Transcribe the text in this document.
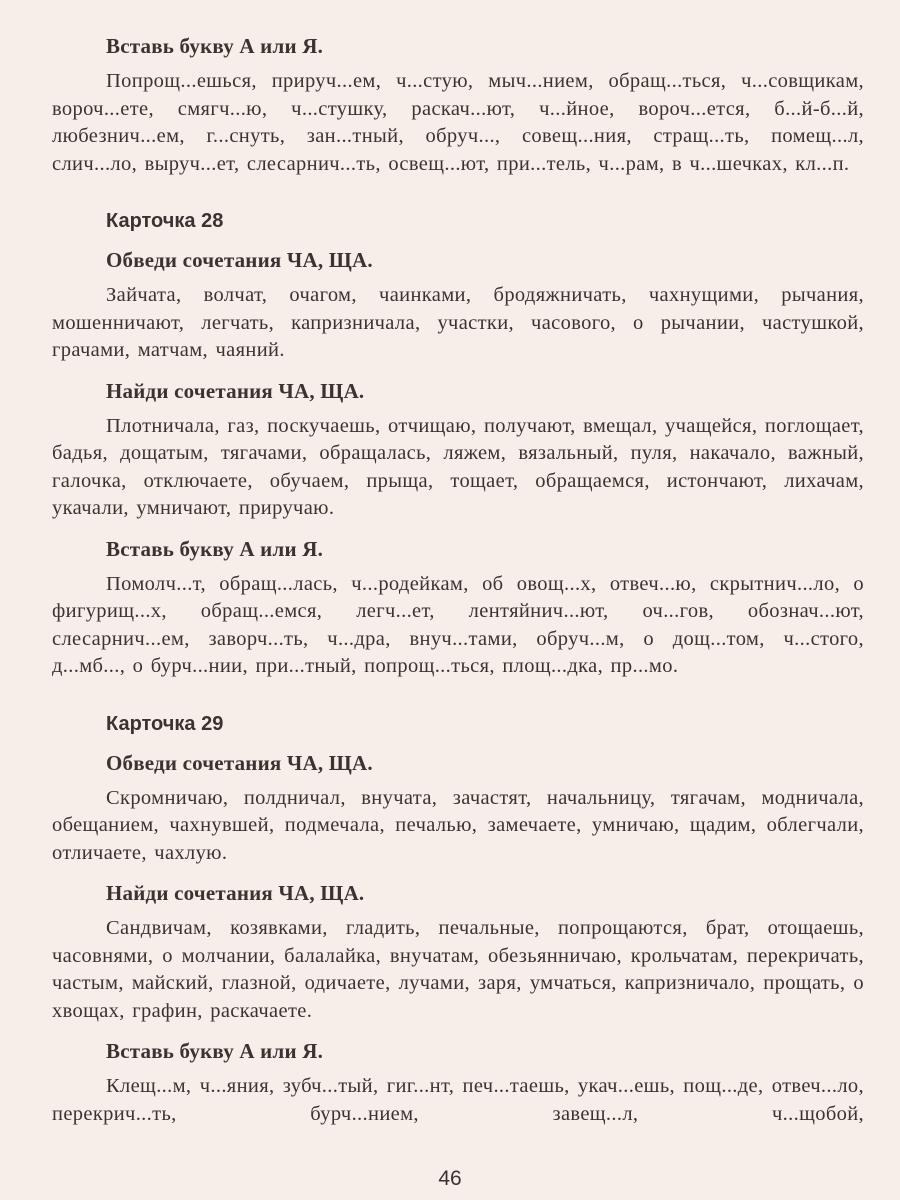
Вставь букву А или Я.

Попрощ...ешься, прируч...ем, ч...стую, мыч...нием, обращ...ться, ч...совщикам, вороч...ете, смягч...ю, ч...стушку, раскач...ют, ч...йное, вороч...ется, б...й-б...й, любезнич...ем, г...снуть, зан...тный, обруч..., совещ...ния, стращ...ть, помещ...л, слич...ло, выруч...ет, слесарнич...ть, освещ...ют, при...тель, ч...рам, в ч...шечках, кл...п.

Карточка 28
Обведи сочетания ЧА, ЩА.

Зайчата, волчат, очагом, чаинками, бродяжничать, чахнущими, рычания, мошенничают, легчать, капризничала, участки, часового, о рычании, частушкой, грачами, матчам, чаяний.

Найди сочетания ЧА, ЩА.

Плотничала, газ, поскучаешь, отчищаю, получают, вмещал, учащейся, поглощает, бадья, дощатым, тягачами, обращалась, ляжем, вязальный, пуля, накачало, важный, галочка, отключаете, обучаем, прыща, тощает, обращаемся, истончают, лихачам, укачали, умничают, приручаю.

Вставь букву А или Я.

Помолч...т, обращ...лась, ч...родейкам, об овощ...х, отвеч...ю, скрытнич...ло, о фигурищ...х, обращ...емся, легч...ет, лентяйнич...ют, оч...гов, обознач...ют, слесарнич...ем, заворч...ть, ч...дра, внуч...тами, обруч...м, о дощ...том, ч...стого, д...мб..., о бурч...нии, при...тный, попрощ...ться, площ...дка, пр...мо.

Карточка 29
Обведи сочетания ЧА, ЩА.

Скромничаю, полдничал, внучата, зачастят, начальницу, тягачам, модничала, обещанием, чахнувшей, подмечала, печалью, замечаете, умничаю, щадим, облегчали, отличаете, чахлую.

Найди сочетания ЧА, ЩА.

Сандвичам, козявками, гладить, печальные, попрощаются, брат, отощаешь, часовнями, о молчании, балалайка, внучатам, обезьянничаю, крольчатам, перекричать, частым, майский, глазной, одичаете, лучами, заря, умчаться, капризничало, прощать, о хвощах, графин, раскачаете.

Вставь букву А или Я.

Клещ...м, ч...яния, зубч...тый, гиг...нт, печ...таешь, укач...ешь, пощ...де, отвеч...ло, перекрич...ть, бурч...нием, завещ...л, ч...щобой,

46
